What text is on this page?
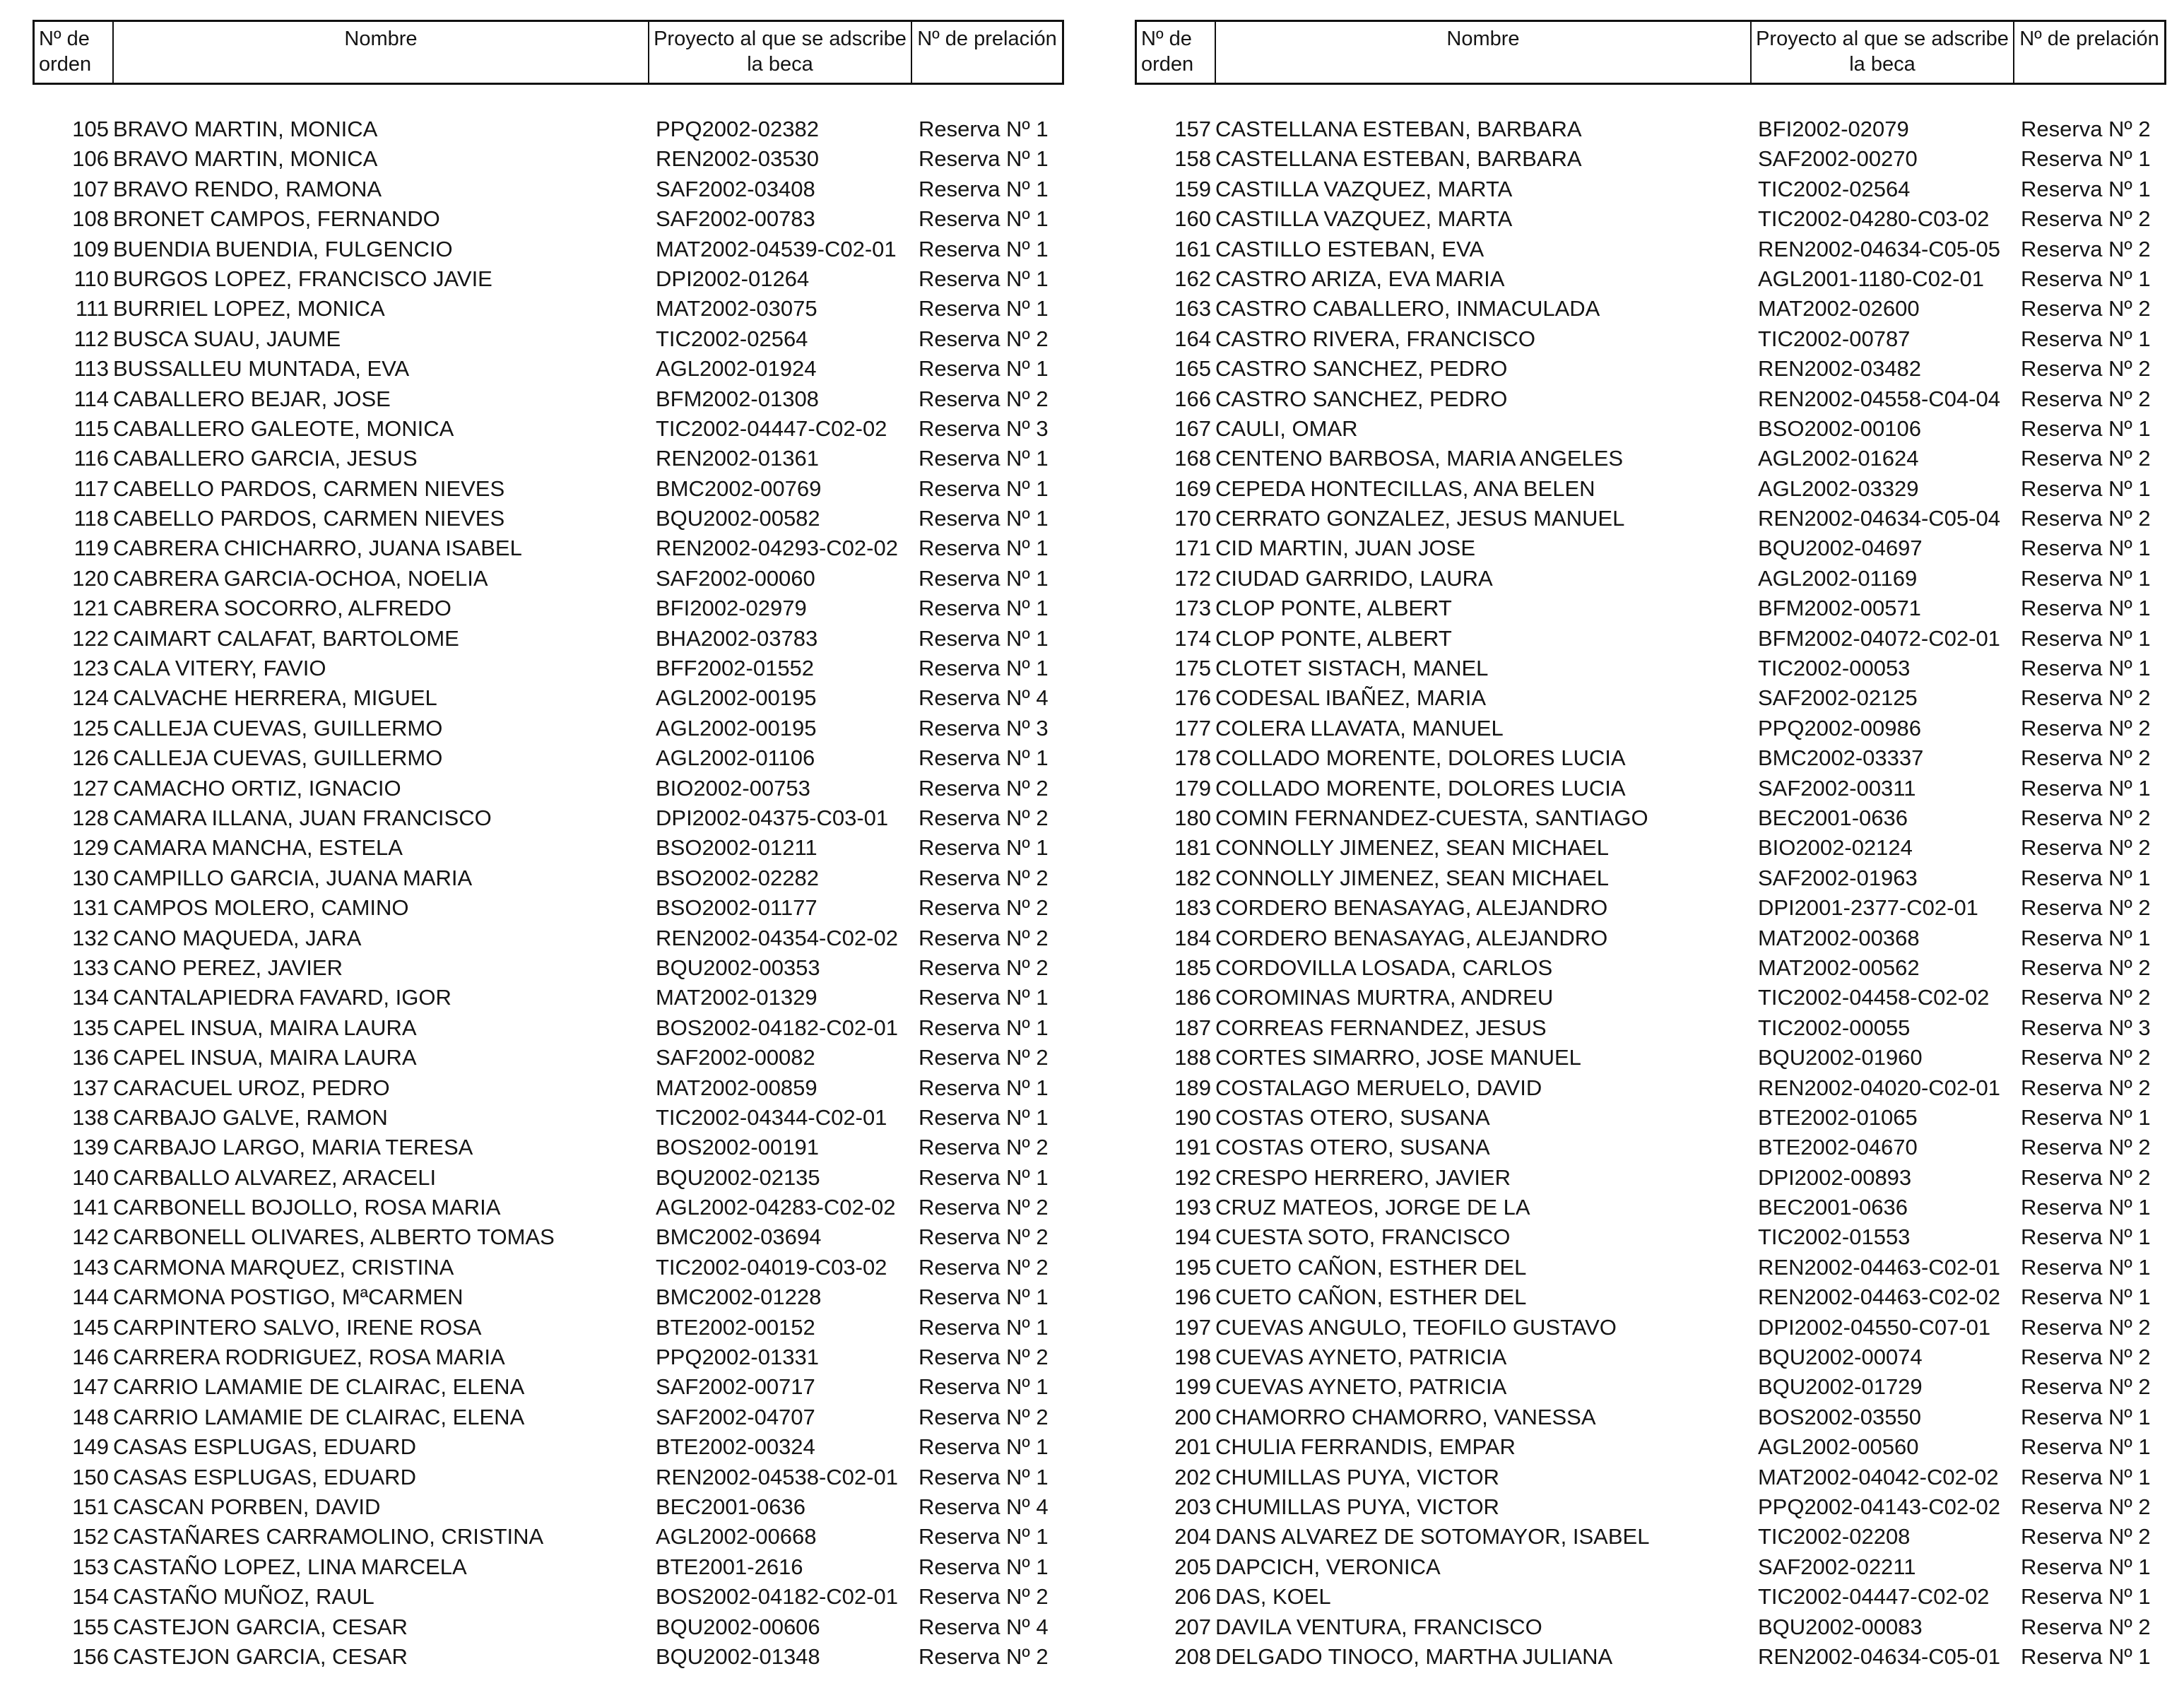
Nº de orden
Nombre	Proyecto al que se adscribe la beca
Nº de prelación
105 BRAVO MARTIN, MONICA	PPQ2002-02382	Reserva Nº 1
106 BRAVO MARTIN, MONICA	REN2002-03530	Reserva Nº 1
107 BRAVO RENDO, RAMONA	SAF2002-03408	Reserva Nº 1
108 BRONET CAMPOS, FERNANDO	SAF2002-00783	Reserva Nº 1
109 BUENDIA BUENDIA, FULGENCIO	MAT2002-04539-C02-01	Reserva Nº 1
110 BURGOS LOPEZ, FRANCISCO JAVIE	DPI2002-01264	Reserva Nº 1
111 BURRIEL LOPEZ, MONICA	MAT2002-03075	Reserva Nº 1
112 BUSCA SUAU, JAUME	TIC2002-02564	Reserva Nº 2
113 BUSSALLEU MUNTADA, EVA	AGL2002-01924	Reserva Nº 1
114 CABALLERO BEJAR, JOSE	BFM2002-01308	Reserva Nº 2
115 CABALLERO GALEOTE, MONICA	TIC2002-04447-C02-02	Reserva Nº 3
116 CABALLERO GARCIA, JESUS	REN2002-01361	Reserva Nº 1
117 CABELLO PARDOS, CARMEN NIEVES	BMC2002-00769	Reserva Nº 1
118 CABELLO PARDOS, CARMEN NIEVES	BQU2002-00582	Reserva Nº 1
119 CABRERA CHICHARRO, JUANA ISABEL	REN2002-04293-C02-02 Reserva Nº 1
120 CABRERA GARCIA-OCHOA, NOELIA	SAF2002-00060	Reserva Nº 1
121 CABRERA SOCORRO, ALFREDO	BFI2002-02979	Reserva Nº 1
122 CAIMART CALAFAT, BARTOLOME	BHA2002-03783	Reserva Nº 1
123 CALA VITERY, FAVIO	BFF2002-01552	Reserva Nº 1
124 CALVACHE HERRERA, MIGUEL	AGL2002-00195	Reserva Nº 4
125 CALLEJA CUEVAS, GUILLERMO	AGL2002-00195	Reserva Nº 3
126 CALLEJA CUEVAS, GUILLERMO	AGL2002-01106	Reserva Nº 1
127 CAMACHO ORTIZ, IGNACIO	BIO2002-00753	Reserva Nº 2
128 CAMARA ILLANA, JUAN FRANCISCO	DPI2002-04375-C03-01	Reserva Nº 2
129 CAMARA MANCHA, ESTELA	BSO2002-01211	Reserva Nº 1
130 CAMPILLO GARCIA, JUANA MARIA	BSO2002-02282	Reserva Nº 2
131 CAMPOS MOLERO, CAMINO	BSO2002-01177	Reserva Nº 2
132 CANO MAQUEDA, JARA	REN2002-04354-C02-02 Reserva Nº 2
133 CANO PEREZ, JAVIER	BQU2002-00353	Reserva Nº 2
134 CANTALAPIEDRA FAVARD, IGOR	MAT2002-01329	Reserva Nº 1
135 CAPEL INSUA, MAIRA LAURA	BOS2002-04182-C02-01 Reserva Nº 1
136 CAPEL INSUA, MAIRA LAURA	SAF2002-00082	Reserva Nº 2
137 CARACUEL UROZ, PEDRO	MAT2002-00859	Reserva Nº 1
138 CARBAJO GALVE, RAMON	TIC2002-04344-C02-01	Reserva Nº 1
139 CARBAJO LARGO, MARIA TERESA	BOS2002-00191	Reserva Nº 2
140 CARBALLO ALVAREZ, ARACELI	BQU2002-02135	Reserva Nº 1
141 CARBONELL BOJOLLO, ROSA MARIA	AGL2002-04283-C02-02	Reserva Nº 2
142 CARBONELL OLIVARES, ALBERTO TOMAS	BMC2002-03694	Reserva Nº 2
143 CARMONA MARQUEZ, CRISTINA	TIC2002-04019-C03-02	Reserva Nº 2
144 CARMONA POSTIGO, MªCARMEN	BMC2002-01228	Reserva Nº 1
145 CARPINTERO SALVO, IRENE ROSA	BTE2002-00152	Reserva Nº 1
146 CARRERA RODRIGUEZ, ROSA MARIA	PPQ2002-01331	Reserva Nº 2
147 CARRIO LAMAMIE DE CLAIRAC, ELENA	SAF2002-00717	Reserva Nº 1
148 CARRIO LAMAMIE DE CLAIRAC, ELENA	SAF2002-04707	Reserva Nº 2
149 CASAS ESPLUGAS, EDUARD	BTE2002-00324	Reserva Nº 1
150 CASAS ESPLUGAS, EDUARD	REN2002-04538-C02-01 Reserva Nº 1
151 CASCAN PORBEN, DAVID	BEC2001-0636	Reserva Nº 4
152 CASTAÑARES CARRAMOLINO, CRISTINA	AGL2002-00668	Reserva Nº 1
153 CASTAÑO LOPEZ, LINA MARCELA	BTE2001-2616	Reserva Nº 1
154 CASTAÑO MUÑOZ, RAUL	BOS2002-04182-C02-01 Reserva Nº 2
155 CASTEJON GARCIA, CESAR	BQU2002-00606	Reserva Nº 4
156 CASTEJON GARCIA, CESAR	BQU2002-01348	Reserva Nº 2
Nº de orden
Nombre	Proyecto al que se adscribe la beca
Nº de prelación
157 CASTELLANA ESTEBAN, BARBARA	BFI2002-02079	Reserva Nº 2
158 CASTELLANA ESTEBAN, BARBARA	SAF2002-00270	Reserva Nº 1
159 CASTILLA VAZQUEZ, MARTA	TIC2002-02564	Reserva Nº 1
160 CASTILLA VAZQUEZ, MARTA	TIC2002-04280-C03-02	Reserva Nº 2
161 CASTILLO ESTEBAN, EVA	REN2002-04634-C05-05 Reserva Nº 2
162 CASTRO ARIZA, EVA MARIA	AGL2001-1180-C02-01	Reserva Nº 1
163 CASTRO CABALLERO, INMACULADA	MAT2002-02600	Reserva Nº 2
164 CASTRO RIVERA, FRANCISCO	TIC2002-00787	Reserva Nº 1
165 CASTRO SANCHEZ, PEDRO	REN2002-03482	Reserva Nº 2
166 CASTRO SANCHEZ, PEDRO	REN2002-04558-C04-04 Reserva Nº 2
167 CAULI, OMAR	BSO2002-00106	Reserva Nº 1
168 CENTENO BARBOSA, MARIA ANGELES	AGL2002-01624	Reserva Nº 2
169 CEPEDA HONTECILLAS, ANA BELEN	AGL2002-03329	Reserva Nº 1
170 CERRATO GONZALEZ, JESUS MANUEL	REN2002-04634-C05-04 Reserva Nº 2
171 CID MARTIN, JUAN JOSE	BQU2002-04697	Reserva Nº 1
172 CIUDAD GARRIDO, LAURA	AGL2002-01169	Reserva Nº 1
173 CLOP PONTE, ALBERT	BFM2002-00571	Reserva Nº 1
174 CLOP PONTE, ALBERT	BFM2002-04072-C02-01 Reserva Nº 1
175 CLOTET SISTACH, MANEL	TIC2002-00053	Reserva Nº 1
176 CODESAL IBAÑEZ, MARIA	SAF2002-02125	Reserva Nº 2
177 COLERA LLAVATA, MANUEL	PPQ2002-00986	Reserva Nº 2
178 COLLADO MORENTE, DOLORES LUCIA	BMC2002-03337	Reserva Nº 2
179 COLLADO MORENTE, DOLORES LUCIA	SAF2002-00311	Reserva Nº 1
180 COMIN FERNANDEZ-CUESTA, SANTIAGO	BEC2001-0636	Reserva Nº 2
181 CONNOLLY JIMENEZ, SEAN MICHAEL	BIO2002-02124	Reserva Nº 2
182 CONNOLLY JIMENEZ, SEAN MICHAEL	SAF2002-01963	Reserva Nº 1
183 CORDERO BENASAYAG, ALEJANDRO	DPI2001-2377-C02-01	Reserva Nº 2
184 CORDERO BENASAYAG, ALEJANDRO	MAT2002-00368	Reserva Nº 1
185 CORDOVILLA LOSADA, CARLOS	MAT2002-00562	Reserva Nº 2
186 COROMINAS MURTRA, ANDREU	TIC2002-04458-C02-02	Reserva Nº 2
187 CORREAS FERNANDEZ, JESUS	TIC2002-00055	Reserva Nº 3
188 CORTES SIMARRO, JOSE MANUEL	BQU2002-01960	Reserva Nº 2
189 COSTALAGO MERUELO, DAVID	REN2002-04020-C02-01 Reserva Nº 2
190 COSTAS OTERO, SUSANA	BTE2002-01065	Reserva Nº 1
191 COSTAS OTERO, SUSANA	BTE2002-04670	Reserva Nº 2
192 CRESPO HERRERO, JAVIER	DPI2002-00893	Reserva Nº 2
193 CRUZ MATEOS, JORGE DE LA	BEC2001-0636	Reserva Nº 1
194 CUESTA SOTO, FRANCISCO	TIC2002-01553	Reserva Nº 1
195 CUETO CAÑON, ESTHER DEL	REN2002-04463-C02-01 Reserva Nº 1
196 CUETO CAÑON, ESTHER DEL	REN2002-04463-C02-02 Reserva Nº 1
197 CUEVAS ANGULO, TEOFILO GUSTAVO	DPI2002-04550-C07-01	Reserva Nº 2
198 CUEVAS AYNETO, PATRICIA	BQU2002-00074	Reserva Nº 2
199 CUEVAS AYNETO, PATRICIA	BQU2002-01729	Reserva Nº 2
200 CHAMORRO CHAMORRO, VANESSA	BOS2002-03550	Reserva Nº 1
201 CHULIA FERRANDIS, EMPAR	AGL2002-00560	Reserva Nº 1
202 CHUMILLAS PUYA, VICTOR	MAT2002-04042-C02-02	Reserva Nº 1
203 CHUMILLAS PUYA, VICTOR	PPQ2002-04143-C02-02 Reserva Nº 2
204 DANS ALVAREZ DE SOTOMAYOR, ISABEL	TIC2002-02208	Reserva Nº 2
205 DAPCICH, VERONICA	SAF2002-02211	Reserva Nº 1
206 DAS, KOEL	TIC2002-04447-C02-02	Reserva Nº 1
207 DAVILA VENTURA, FRANCISCO	BQU2002-00083	Reserva Nº 2
208 DELGADO TINOCO, MARTHA JULIANA	REN2002-04634-C05-01 Reserva Nº 1
